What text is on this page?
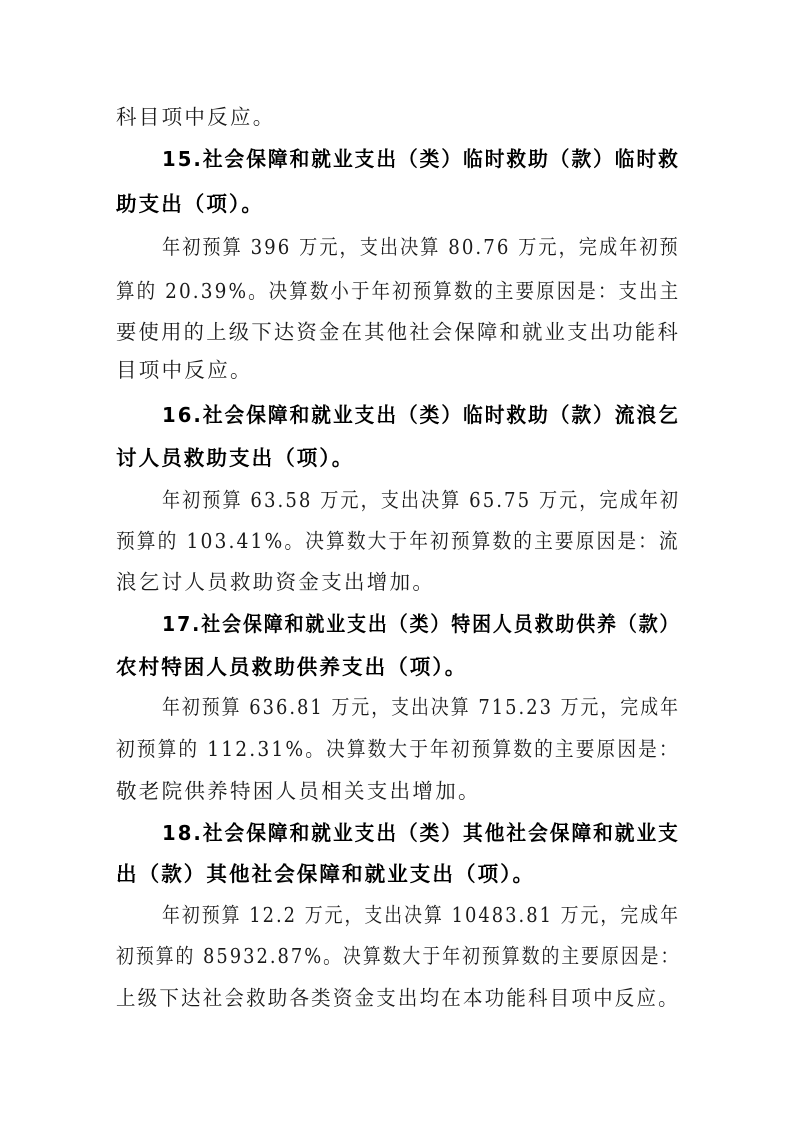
科目项中反应。
15.社会保障和就业支出（类）临时救助（款）临时救
助支出（项）。
年初预算 396 万元，支出决算 80.76 万元，完成年初预
算的 20.39%。决算数小于年初预算数的主要原因是：支出主
要使用的上级下达资金在其他社会保障和就业支出功能科
目项中反应。
16.社会保障和就业支出（类）临时救助（款）流浪乞
讨人员救助支出（项）。
年初预算 63.58 万元，支出决算 65.75 万元，完成年初
预算的 103.41%。决算数大于年初预算数的主要原因是：流
浪乞讨人员救助资金支出增加。
17.社会保障和就业支出（类）特困人员救助供养（款）
农村特困人员救助供养支出（项）。
年初预算 636.81 万元，支出决算 715.23 万元，完成年
初预算的 112.31%。决算数大于年初预算数的主要原因是：
敬老院供养特困人员相关支出增加。
18.社会保障和就业支出（类）其他社会保障和就业支
出（款）其他社会保障和就业支出（项）。
年初预算 12.2 万元，支出决算 10483.81 万元，完成年
初预算的 85932.87%。决算数大于年初预算数的主要原因是：
上级下达社会救助各类资金支出均在本功能科目项中反应。
